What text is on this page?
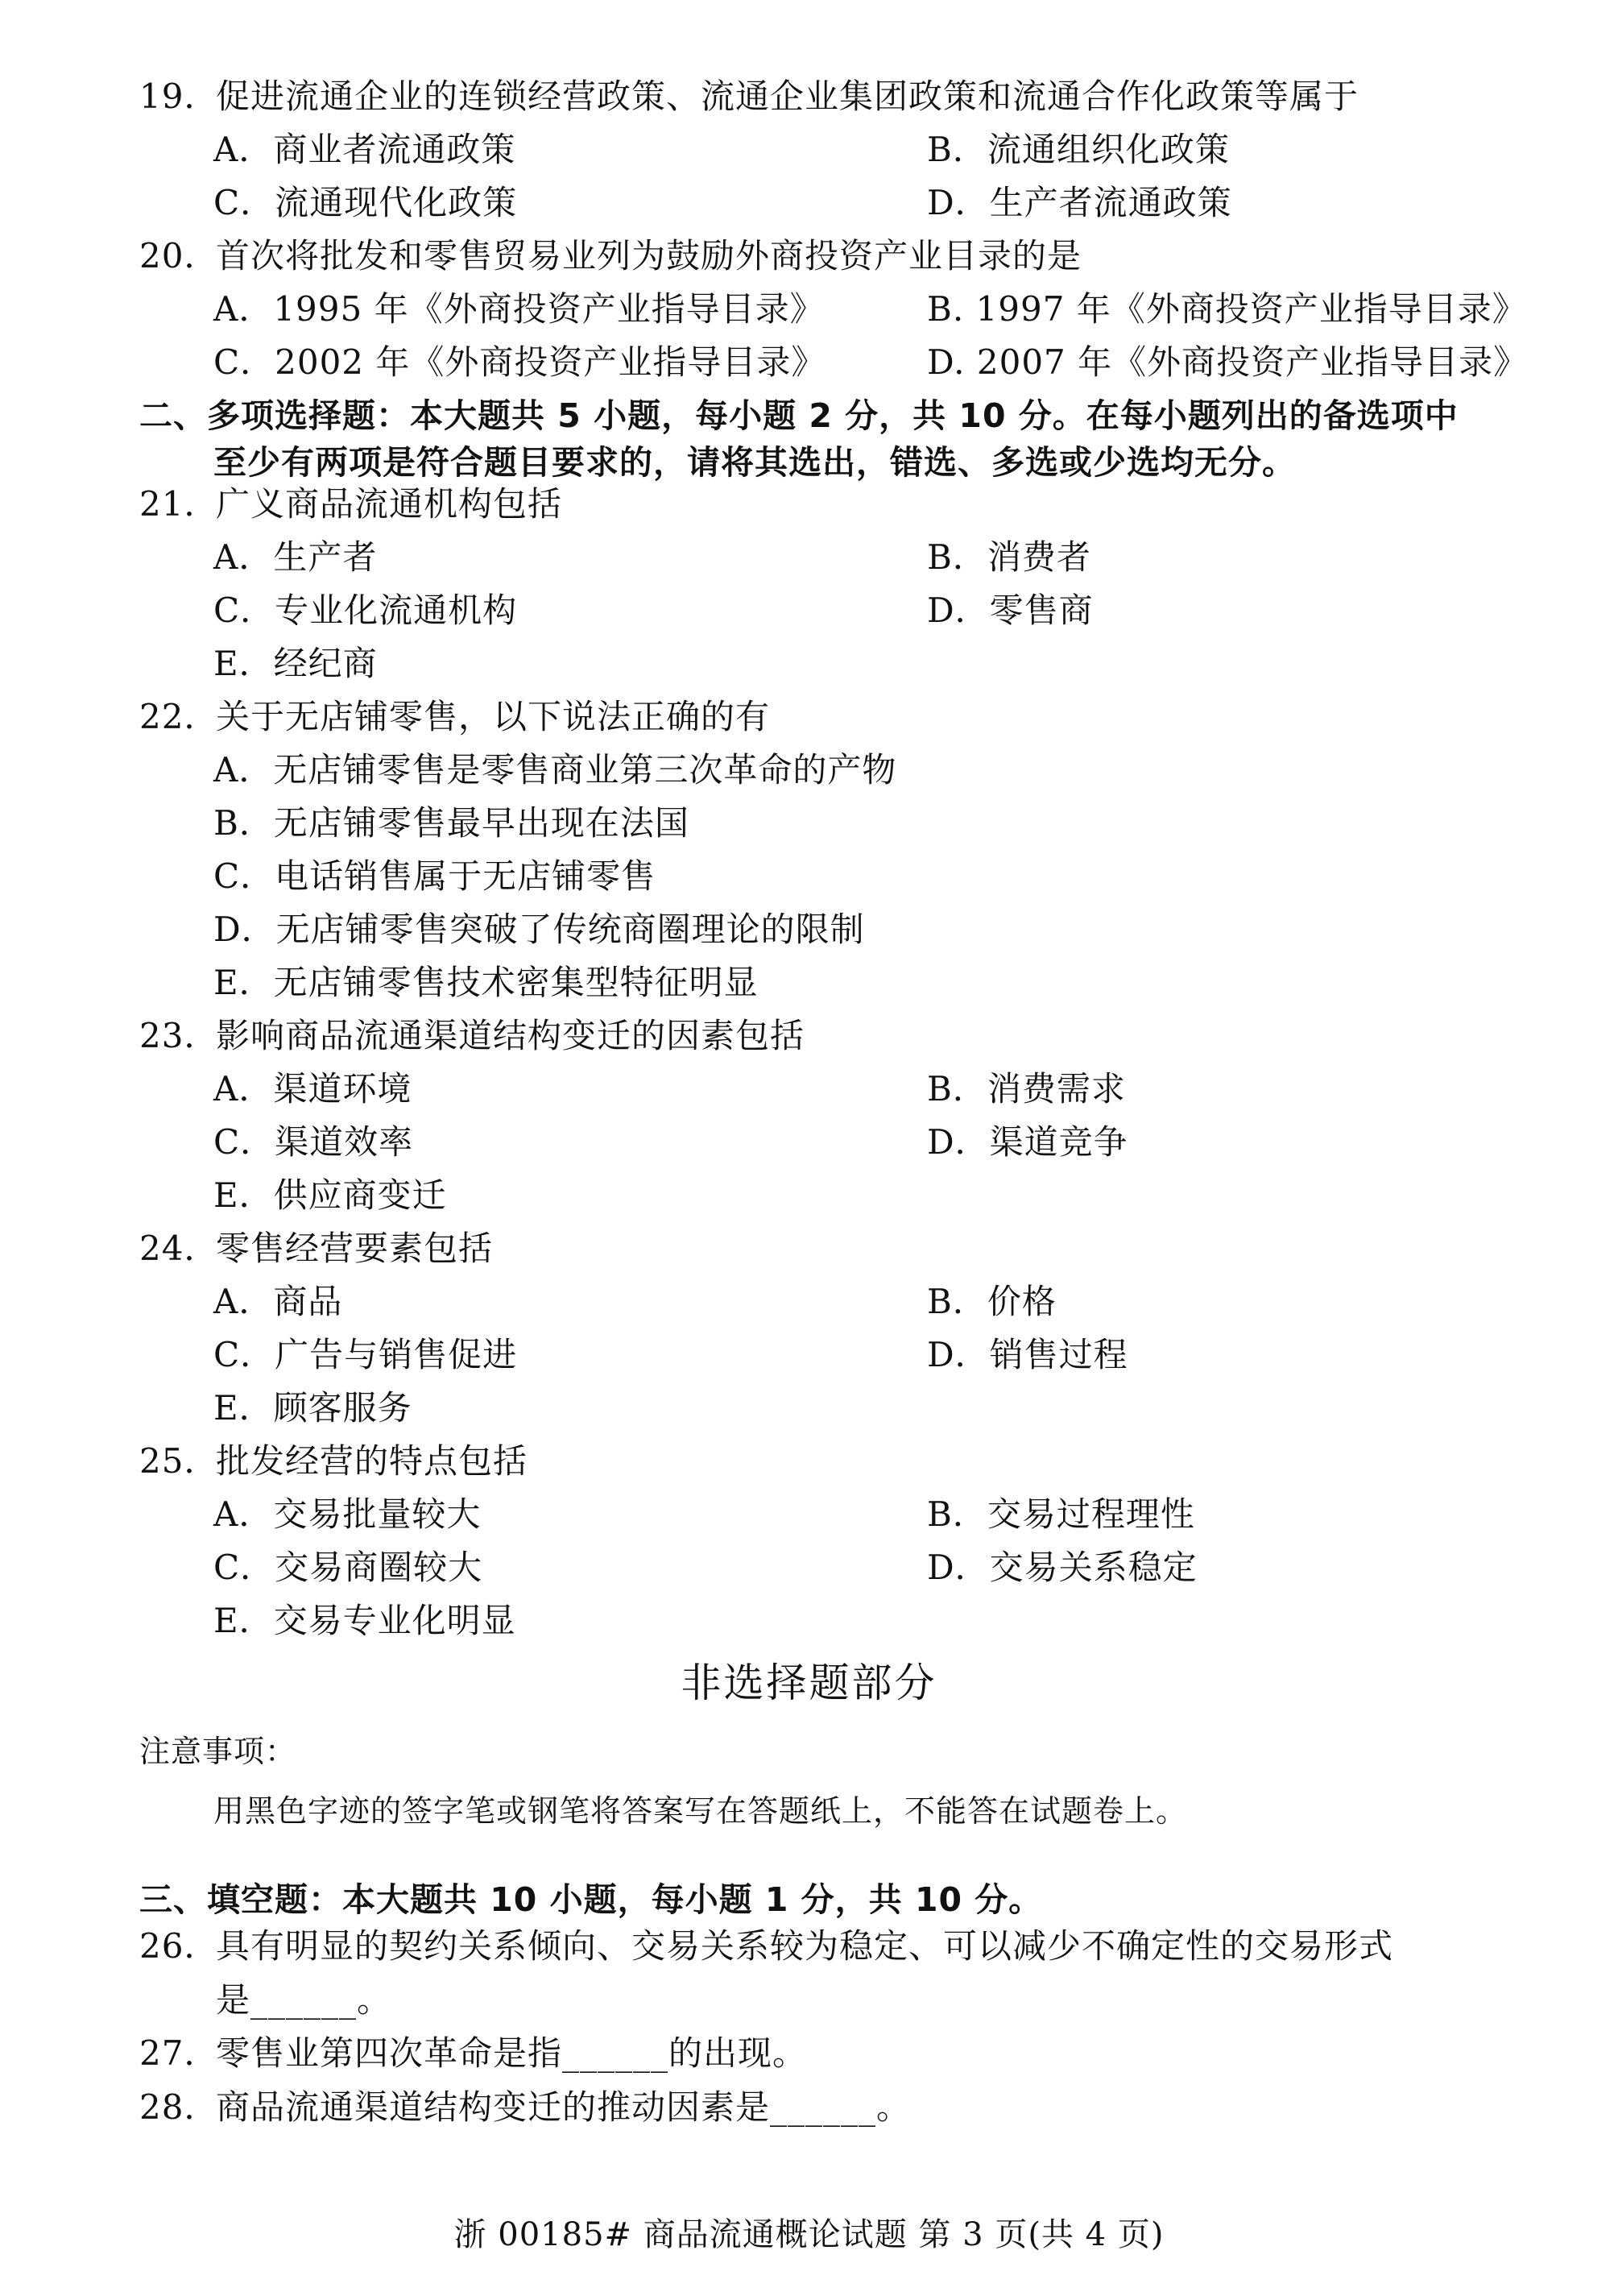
19．促进流通企业的连锁经营政策、流通企业集团政策和流通合作化政策等属于
A．商业者流通政策	B．流通组织化政策
C．流通现代化政策	D．生产者流通政策
20．首次将批发和零售贸易业列为鼓励外商投资产业目录的是
A．1995 年《外商投资产业指导目录》	B. 1997 年《外商投资产业指导目录》
C．2002 年《外商投资产业指导目录》	D. 2007 年《外商投资产业指导目录》
二、多项选择题：本大题共 5 小题，每小题 2 分，共 10 分。在每小题列出的备选项中
至少有两项是符合题目要求的，请将其选出，错选、多选或少选均无分。
21．广义商品流通机构包括
A．生产者	B．消费者
C．专业化流通机构	D．零售商
E．经纪商
22．关于无店铺零售，以下说法正确的有
A．无店铺零售是零售商业第三次革命的产物
B．无店铺零售最早出现在法国
C．电话销售属于无店铺零售
D．无店铺零售突破了传统商圈理论的限制
E．无店铺零售技术密集型特征明显
23．影响商品流通渠道结构变迁的因素包括
A．渠道环境	B．消费需求
C．渠道效率	D．渠道竞争
E．供应商变迁
24．零售经营要素包括
A．商品	B．价格
C．广告与销售促进	D．销售过程
E．顾客服务
25．批发经营的特点包括
A．交易批量较大	B．交易过程理性
C．交易商圈较大	D．交易关系稳定
E．交易专业化明显
非选择题部分
注意事项：
用黑色字迹的签字笔或钢笔将答案写在答题纸上，不能答在试题卷上。
三、填空题：本大题共 10 小题，每小题 1 分，共 10 分。
26．具有明显的契约关系倾向、交易关系较为稳定、可以减少不确定性的交易形式
是______。
27．零售业第四次革命是指______的出现。
28．商品流通渠道结构变迁的推动因素是______。
浙 00185# 商品流通概论试题 第 3 页(共 4 页)
